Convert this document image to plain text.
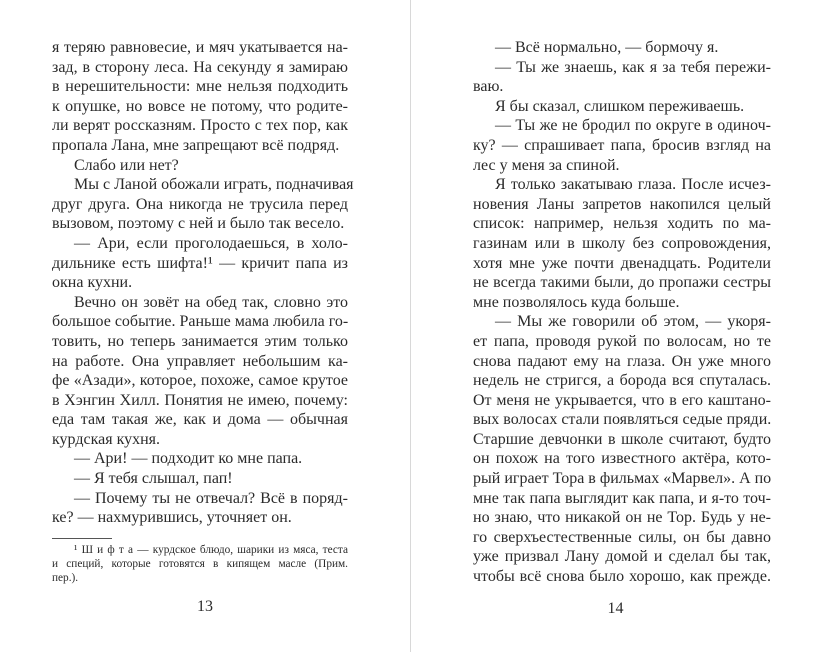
я теряю равновесие, и мяч укатывается на-
зад, в сторону леса. На секунду я замираю
в нерешительности: мне нельзя подходить
к опушке, но вовсе не потому, что родите-
ли верят россказням. Просто с тех пор, как
пропала Лана, мне запрещают всё подряд.
Слабо или нет?
Мы с Ланой обожали играть, подначивая
друг друга. Она никогда не трусила перед
вызовом, поэтому с ней и было так весело.
— Ари, если проголодаешься, в холо-
дильнике есть шифта!¹ — кричит папа из
окна кухни.
Вечно он зовёт на обед так, словно это
большое событие. Раньше мама любила го-
товить, но теперь занимается этим только
на работе. Она управляет небольшим ка-
фе «Азади», которое, похоже, самое крутое
в Хэнгин Хилл. Понятия не имею, почему:
еда там такая же, как и дома — обычная
курдская кухня.
— Ари! — подходит ко мне папа.
— Я тебя слышал, пап!
— Почему ты не отвечал? Всё в поряд-
ке? — нахмурившись, уточняет он.
¹ Ш и ф т а — курдское блюдо, шарики из мяса, теста
и специй, которые готовятся в кипящем масле (Прим.
пер.).
13
— Всё нормально, — бормочу я.
— Ты же знаешь, как я за тебя пережи-
ваю.
Я бы сказал, слишком переживаешь.
— Ты же не бродил по округе в одиноч-
ку? — спрашивает папа, бросив взгляд на
лес у меня за спиной.
Я только закатываю глаза. После исчез-
новения Ланы запретов накопился целый
список: например, нельзя ходить по ма-
газинам или в школу без сопровождения,
хотя мне уже почти двенадцать. Родители
не всегда такими были, до пропажи сестры
мне позволялось куда больше.
— Мы же говорили об этом, — укоря-
ет папа, проводя рукой по волосам, но те
снова падают ему на глаза. Он уже много
недель не стригся, а борода вся спуталась.
От меня не укрывается, что в его каштано-
вых волосах стали появляться седые пряди.
Старшие девчонки в школе считают, будто
он похож на того известного актёра, кото-
рый играет Тора в фильмах «Марвел». А по
мне так папа выглядит как папа, и я-то точ-
но знаю, что никакой он не Тор. Будь у не-
го сверхъестественные силы, он бы давно
уже призвал Лану домой и сделал бы так,
чтобы всё снова было хорошо, как прежде.
14
